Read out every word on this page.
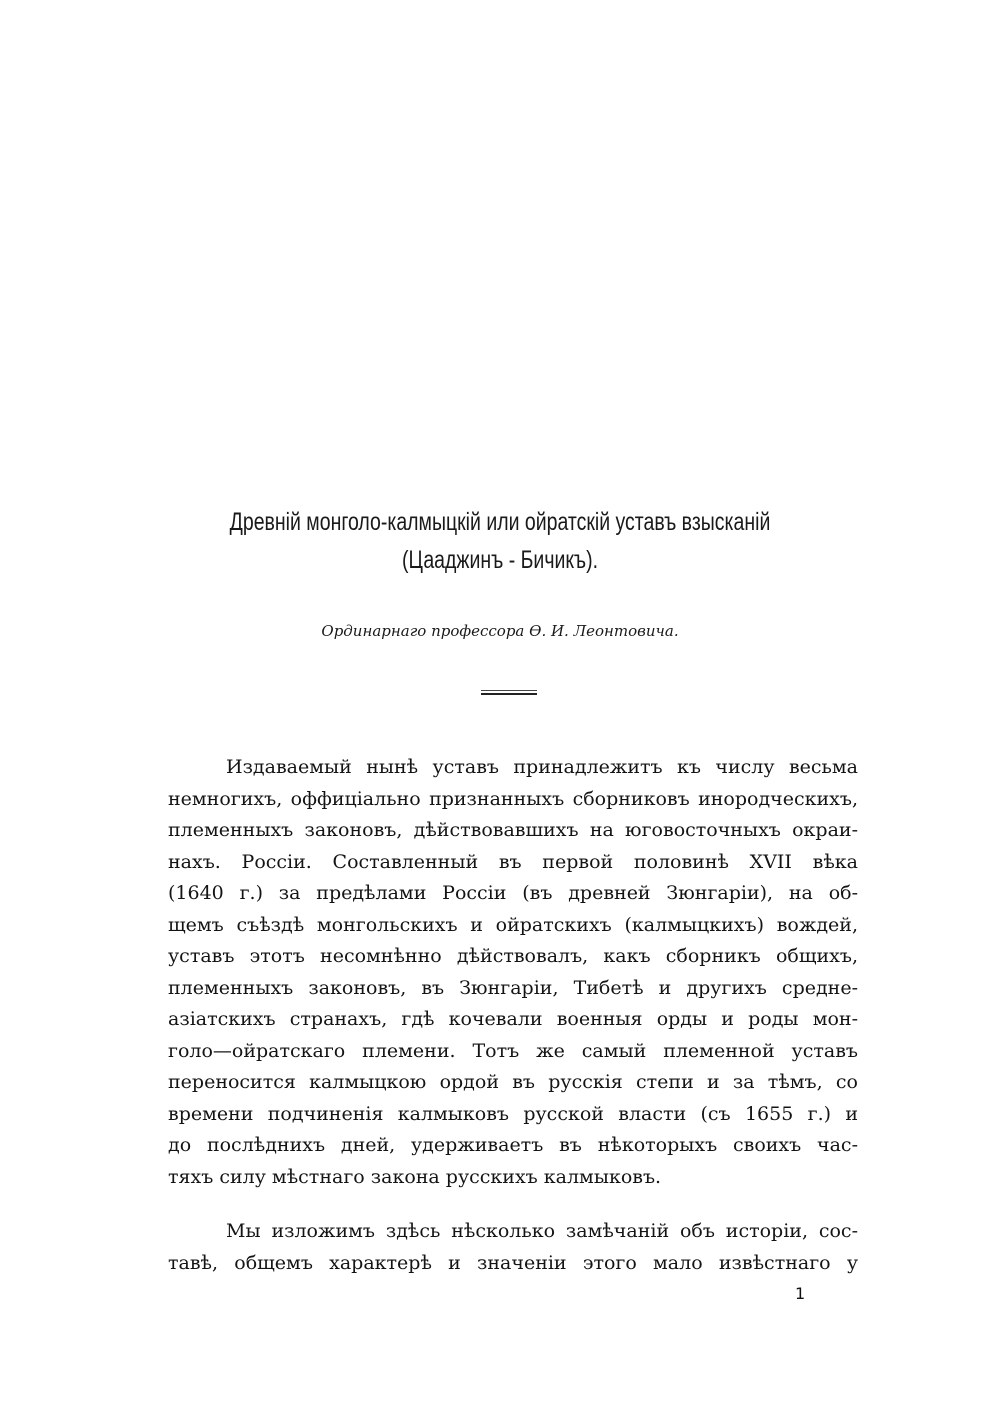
Древній монголо-калмыцкій или ойратскій уставъ взысканій
(Цааджинъ - Бичикъ).
Ординарнаго профессора Ѳ. И. Леонтовича.
Издаваемый нынѣ уставъ принадлежитъ къ числу весьма
немногихъ, оффиціально признанныхъ сборниковъ инородческихъ,
племенныхъ законовъ, дѣйствовавшихъ на юговосточныхъ окраи-
нахъ. Россіи. Составленный въ первой половинѣ XVII вѣка
(1640 г.) за предѣлами Россіи (въ древней Зюнгаріи), на об-
щемъ съѣздѣ монгольскихъ и ойратскихъ (калмыцкихъ) вождей,
уставъ этотъ несомнѣнно дѣйствовалъ, какъ сборникъ общихъ,
племенныхъ законовъ, въ Зюнгаріи, Тибетѣ и другихъ средне-
азіатскихъ странахъ, гдѣ кочевали военныя орды и роды мон-
голо—ойратскаго племени. Тотъ же самый племенной уставъ
переносится калмыцкою ордой въ русскія степи и за тѣмъ, со
времени подчиненія калмыковъ русской власти (съ 1655 г.) и
до послѣднихъ дней, удерживаетъ въ нѣкоторыхъ своихъ час-
тяхъ силу мѣстнаго закона русскихъ калмыковъ.
Мы изложимъ здѣсь нѣсколько замѣчаній объ исторіи, сос-
тавѣ, общемъ характерѣ и значеніи этого мало извѣстнаго у
1
